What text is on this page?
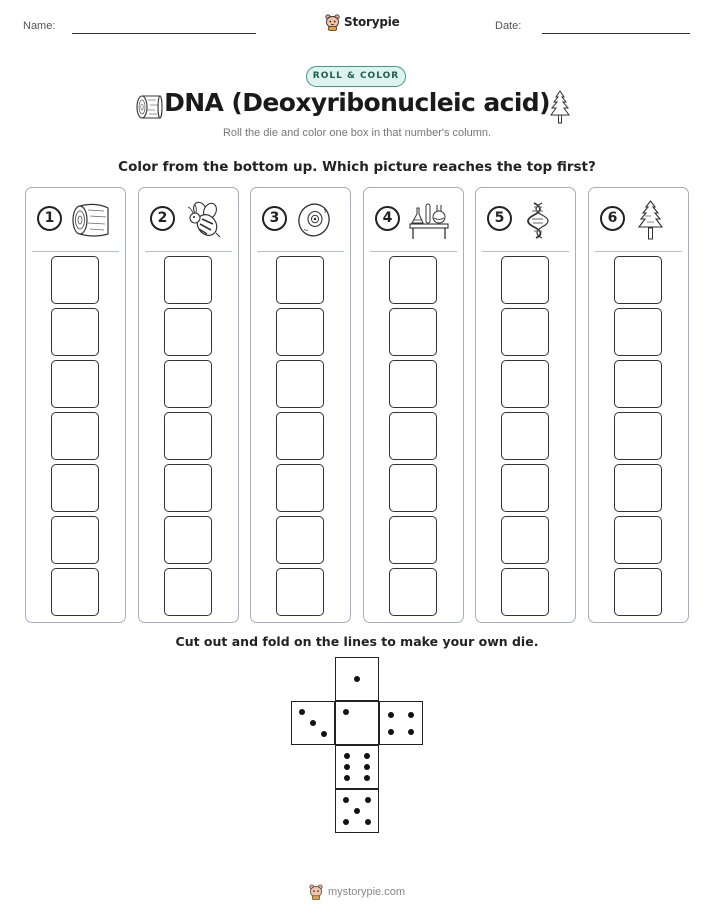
Name:	Storypie	Date:
ROLL & COLOR
DNA (Deoxyribonucleic acid)
Roll the die and color one box in that number's column.
Color from the bottom up. Which picture reaches the top first?
1	2	3	4	5	6
Cut out and fold on the lines to make your own die.
mystorypie.com
